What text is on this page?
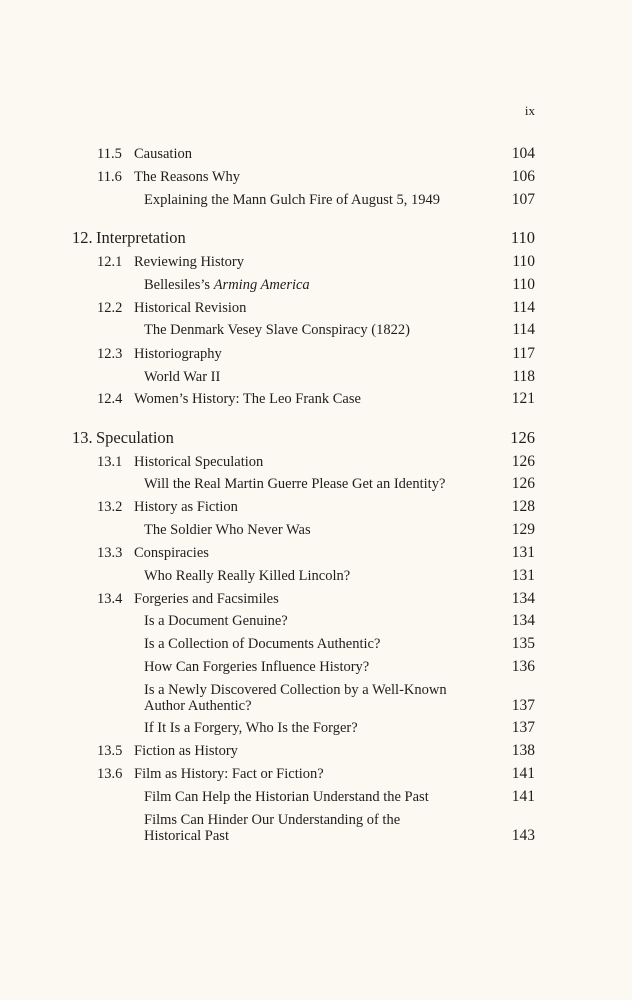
ix
11.5 Causation	104
11.6 The Reasons Why	106
Explaining the Mann Gulch Fire of August 5, 1949	107
12. Interpretation	110
12.1 Reviewing History	110
Bellesiles’s Arming America	110
12.2 Historical Revision	114
The Denmark Vesey Slave Conspiracy (1822)	114
12.3 Historiography	117
World War II	118
12.4 Women’s History: The Leo Frank Case	121
13. Speculation	126
13.1 Historical Speculation	126
Will the Real Martin Guerre Please Get an Identity?	126
13.2 History as Fiction	128
The Soldier Who Never Was	129
13.3 Conspiracies	131
Who Really Really Killed Lincoln?	131
13.4 Forgeries and Facsimiles	134
Is a Document Genuine?	134
Is a Collection of Documents Authentic?	135
How Can Forgeries Influence History?	136
Is a Newly Discovered Collection by a Well-Known
Author Authentic?	137
If It Is a Forgery, Who Is the Forger?	137
13.5 Fiction as History	138
13.6 Film as History: Fact or Fiction?	141
Film Can Help the Historian Understand the Past	141
Films Can Hinder Our Understanding of the
Historical Past	143
